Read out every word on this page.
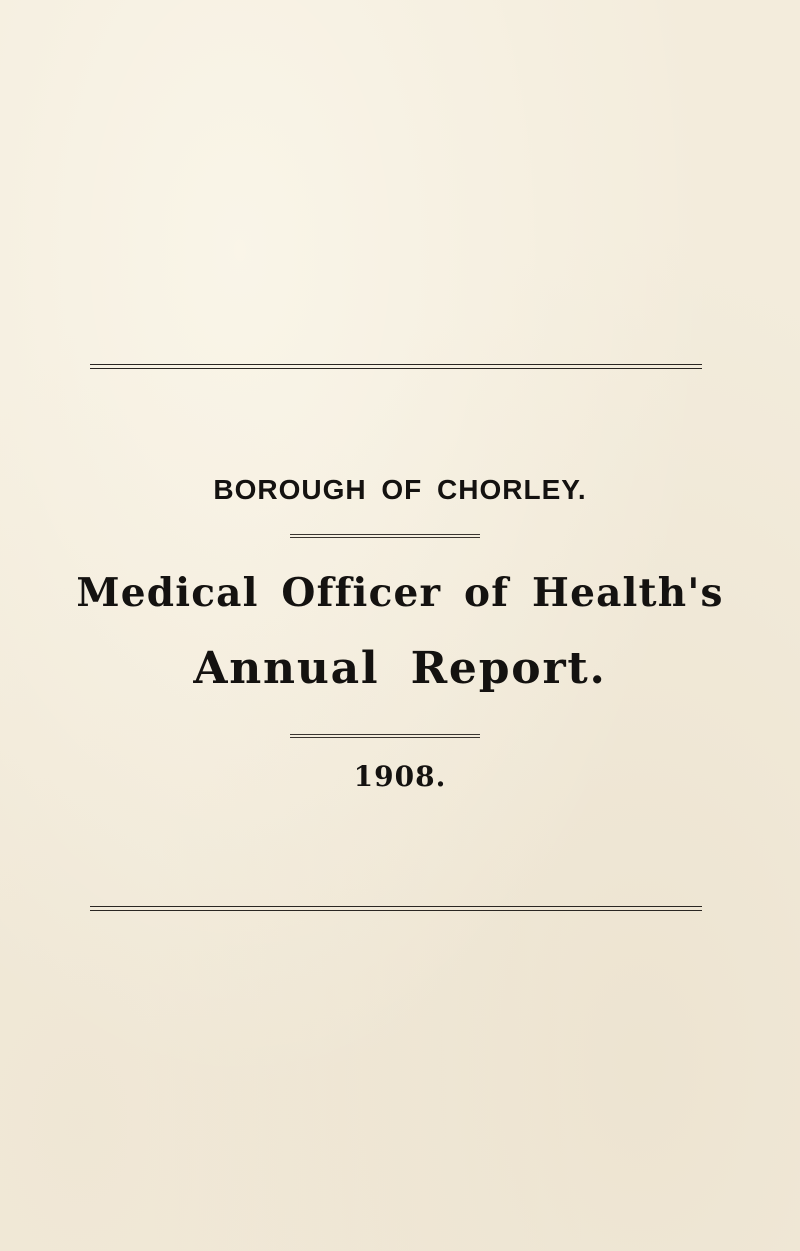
BOROUGH OF CHORLEY.
Medical Officer of Health's
Annual Report.
1908.
